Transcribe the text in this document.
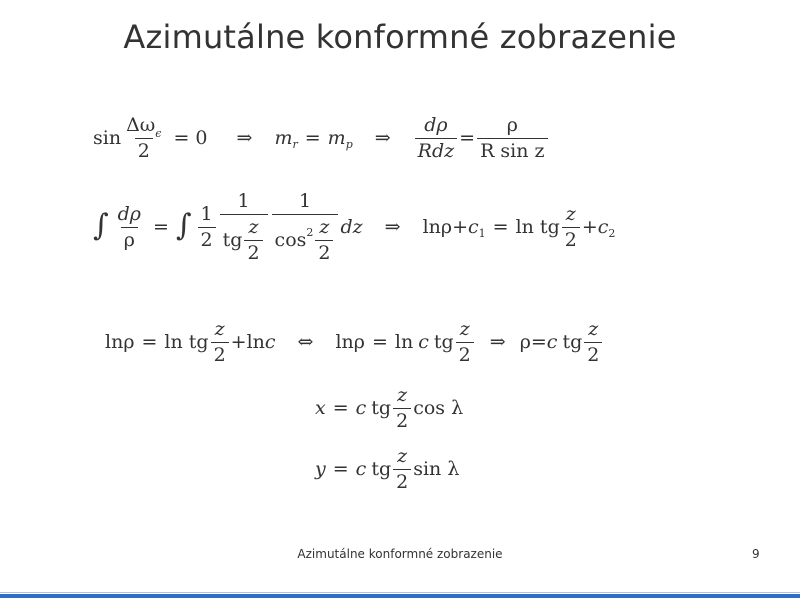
Azimutálne konformné zobrazenie
$\sin \frac{\Delta\omega_\epsilon}{2} = 0$ ⇒ m r = m p ⇒ $\frac{d\rho}{\text{Rdz}} = \frac{\rho}{\text{R sin z}}$
∫ $\frac{d\rho}{\rho}$ = ∫ $\frac{1}{2} \frac{1}{tg \frac{z}{2}} \frac{1}{\cos 2 \frac{z}{2}}$ dz ⇒ lnρ + c 1 = ln tg $\frac{z}{2} + c$ 2
lnρ = ln tg $\frac{z}{2} +\ln$ c ⇔ lnρ = ln c tg $\frac{z}{2}$ ⇒ ρ = c tg $\frac{z}{2}$
x = c tg $\frac{z}{2}$ cos λ
y = c tg $\frac{z}{2}$ sin λ
Azimutálne konformné zobrazenie	9
